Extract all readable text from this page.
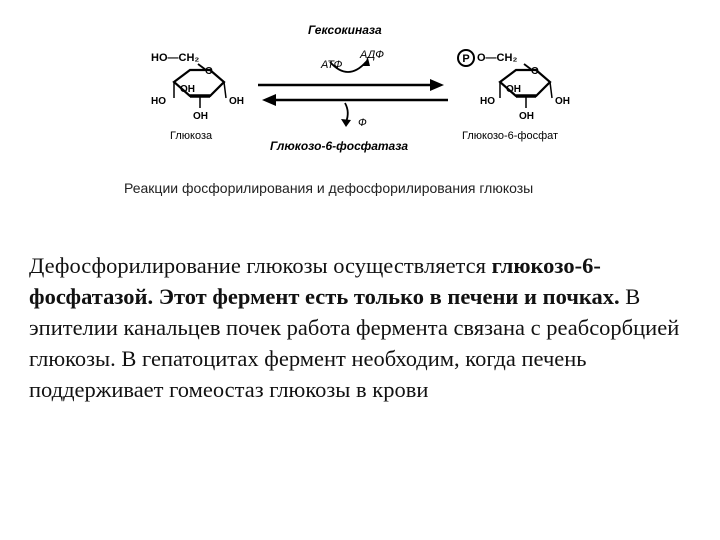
HO—CH₂
O
OH
HO	OH
OH
Глюкоза
Гексокиназа
АТФ
АДФ
Ф
Глюкозо-6-фосфатаза
P O—CH₂
O
OH
HO	OH
OH
Глюкозо-6-фосфат
Реакции фосфорилирования и дефосфорилирования глюкозы
Дефосфорилирование глюкозы осуществляется глюкозо-6-фосфатазой. Этот фермент есть только в печени и почках. В эпителии канальцев почек работа фермента связана с реабсорбцией глюкозы. В гепатоцитах фермент необходим, когда печень поддерживает гомеостаз глюкозы в крови
